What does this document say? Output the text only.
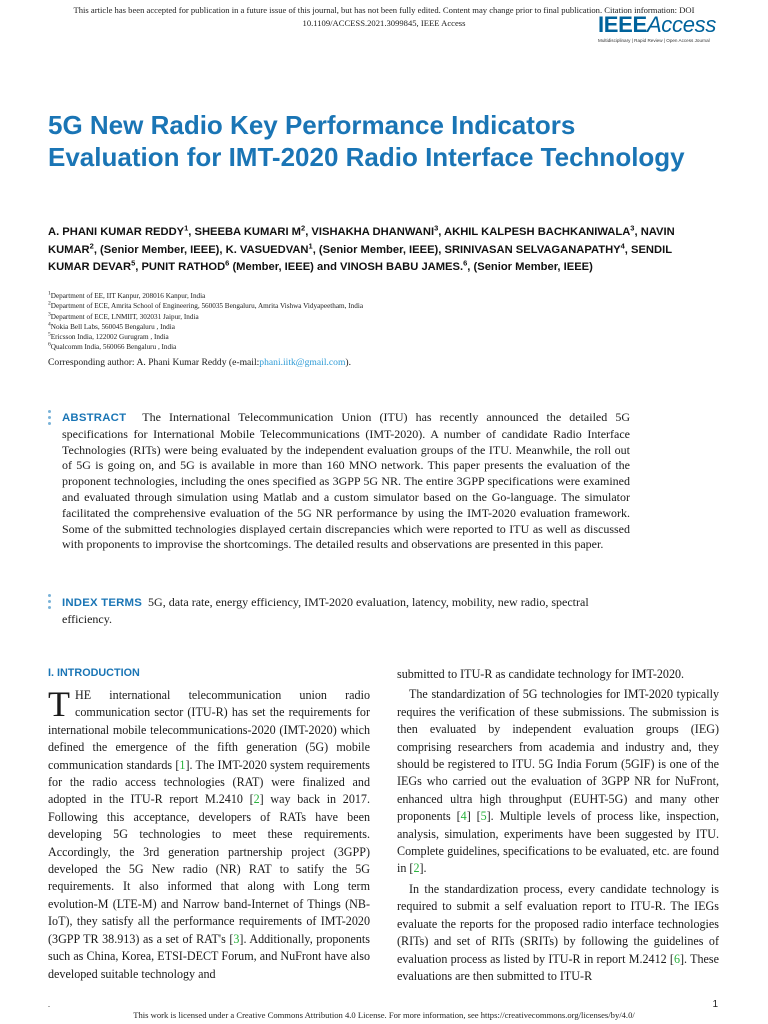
This article has been accepted for publication in a future issue of this journal, but has not been fully edited. Content may change prior to final publication. Citation information: DOI
10.1109/ACCESS.2021.3099845, IEEE Access	IEEEAccess
Multidisciplinary | Rapid Review | Open Access Journal
5G New Radio Key Performance Indicators Evaluation for IMT-2020 Radio Interface Technology

A. PHANI KUMAR REDDY$^1$, SHEEBA KUMARI $M^2$, VISHAKHA DHANWANI$^3$, AKHIL KALPESH BACHKANIWALA$^3$, NAVIN KUMAR$^2$, (Senior Member, IEEE), K. VASUEDVAN$^1$, (Senior Member, IEEE), SRINIVASAN SELVAGANAPATHY$^4$, SENDIL KUMAR DEVAR$^5$, PUNIT RATHOD$^6$ (Member, IEEE) and VINOSH BABU JAMES.$^6$, (Senior Member, IEEE)

$^1$Department of EE, IIT Kanpur, 208016 Kanpur, India
$^2$Department of ECE, Amrita School of Engineering, 560035 Bengaluru, Amrita Vishwa Vidyapeetham, India
$^3$Department of ECE, LNMIIT, 302031 Jaipur, India
$^4$Nokia Bell Labs, 560045 Bengaluru , India
$^5$Ericsson India, 122002 Gurugram , India
$^6$Qualcomm India, 560066 Bengaluru , India
Corresponding author: A. Phani Kumar Reddy (e-mail:phani.iitk@gmail.com).

ABSTRACT The International Telecommunication Union (ITU) has recently announced the detailed 5G specifications for International Mobile Telecommunications (IMT-2020). A number of candidate Radio Interface Technologies (RITs) were being evaluated by the independent evaluation groups of the ITU. Meanwhile, the roll out of 5G is going on, and 5G is available in more than 160 MNO network. This paper presents the evaluation of the proponent technologies, including the ones specified as 3GPP 5G NR. The entire 3GPP specifications were examined and evaluated through simulation using Matlab and a custom simulator based on the Go-language. The simulator facilitated the comprehensive evaluation of the 5G NR performance by using the IMT-2020 evaluation framework. Some of the submitted technologies displayed certain discrepancies which were reported to ITU as well as discussed with proponents to improvise the shortcomings. The detailed results and observations are presented in this paper.

INDEX TERMS 5G, data rate, energy efficiency, IMT-2020 evaluation, latency, mobility, new radio, spectral efficiency.

I. INTRODUCTION

THE international telecommunication union radio communication sector (ITU-R) has set the requirements for international mobile telecommunications-2020 (IMT-2020) which defined the emergence of the fifth generation (5G) mobile communication standards [1]. The IMT-2020 system requirements for the radio access technologies (RAT) were finalized and adopted in the ITU-R report M.2410 [2] way back in 2017. Following this acceptance, developers of RATs have been developing 5G technologies to meet these requirements. Accordingly, the 3rd generation partnership project (3GPP) developed the 5G New radio (NR) RAT to satify the 5G requirements. It also informed that along with Long term evolution-M (LTE-M) and Narrow band-Internet of Things (NB-IoT), they satisfy all the performance requirements of IMT-2020 (3GPP TR 38.913) as a set of RAT's [3]. Additionally, proponents such as China, Korea, ETSI-DECT Forum, and NuFront have also developed suitable technology and

submitted to ITU-R as candidate technology for IMT-2020.

The standardization of 5G technologies for IMT-2020 typically requires the verification of these submissions. The submission is then evaluated by independent evaluation groups (IEG) comprising researchers from academia and industry and, they should be registered to ITU. 5G India Forum (5GIF) is one of the IEGs who carried out the evaluation of 3GPP NR for NuFront, enhanced ultra high throughput (EUHT-5G) and many other proponents [4] [5]. Multiple levels of process like, inspection, analysis, simulation, experiments have been suggested by ITU. Complete guidelines, specifications to be evaluated, etc. are found in [2].

In the standardization process, every candidate technology is required to submit a self evaluation report to ITU-R. The IEGs evaluate the reports for the proposed radio interface technologies (RITs) and set of RITs (SRITs) by following the guidelines of evaluation process as listed by ITU-R in report M.2412 [6]. These evaluations are then submitted to ITU-R

.	1
This work is licensed under a Creative Commons Attribution 4.0 License. For more information, see https://creativecommons.org/licenses/by/4.0/
